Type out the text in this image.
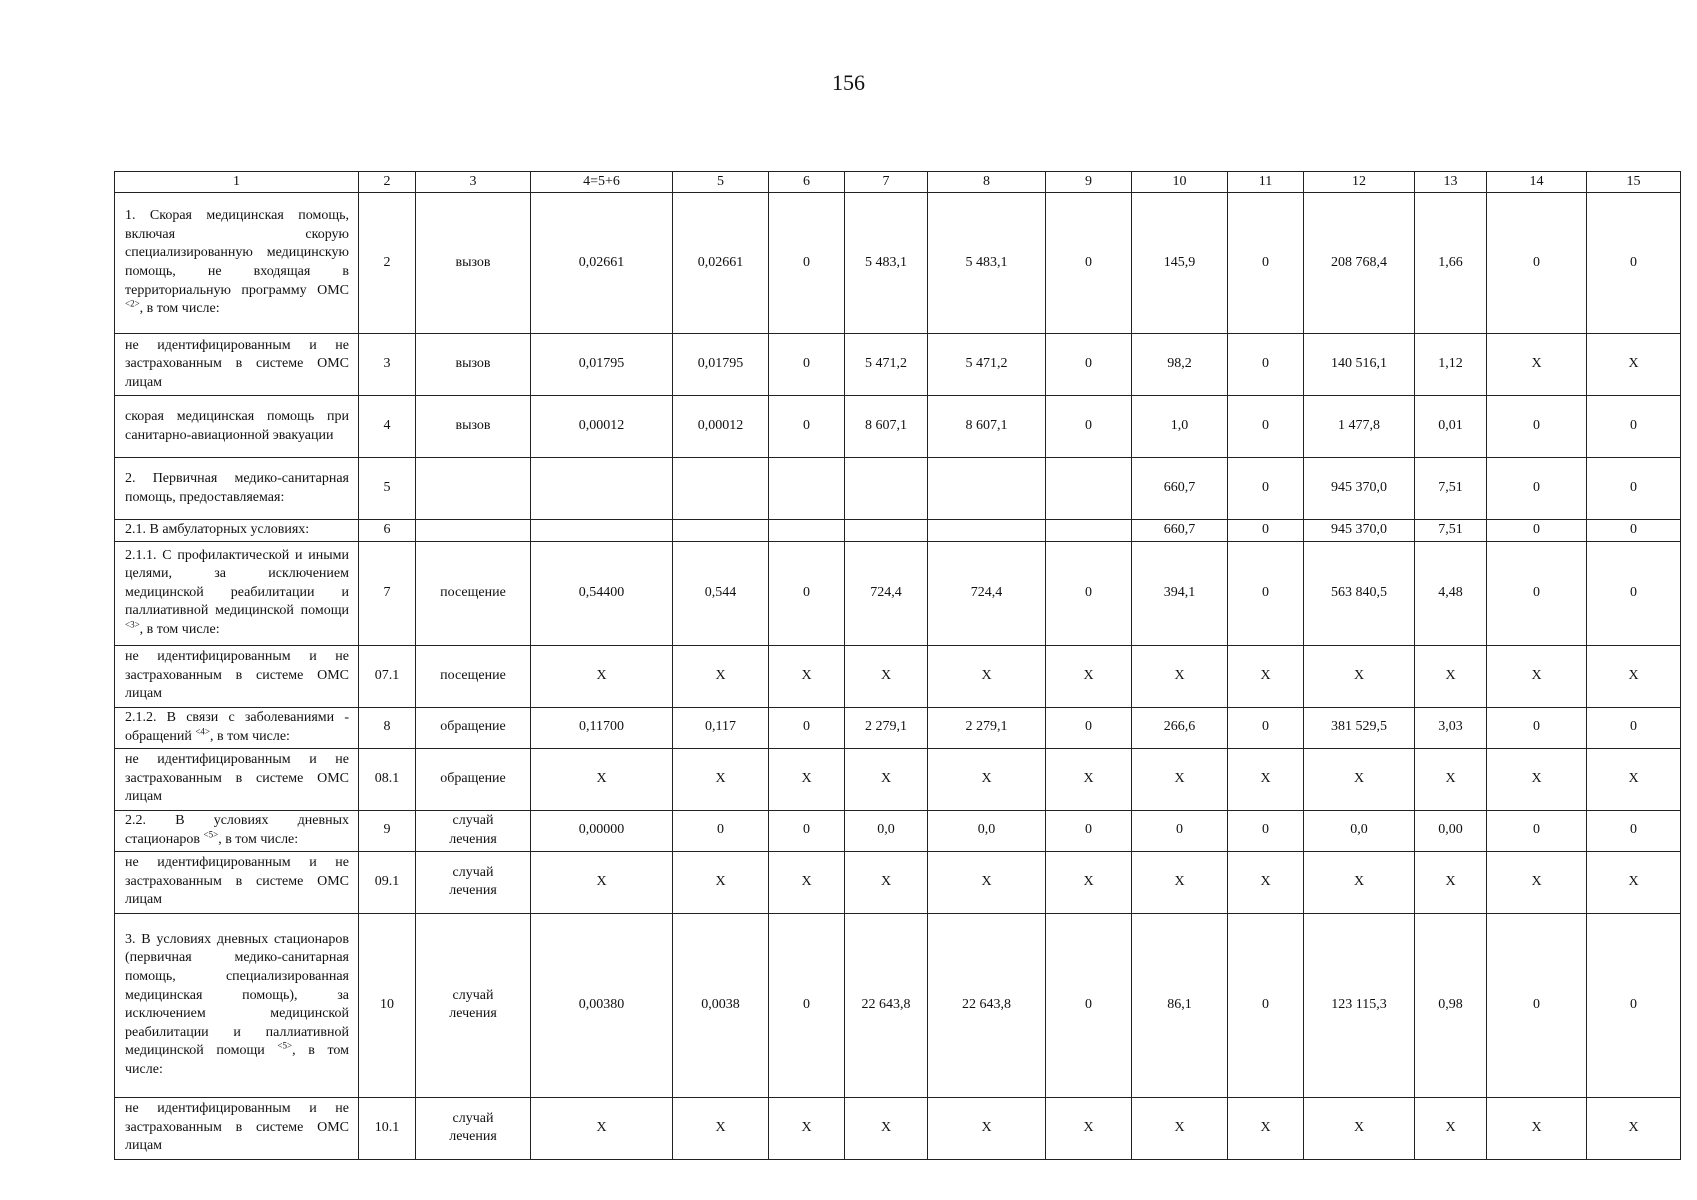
156
1	2	3	4=5+6	5	6	7	8	9	10	11	12	13	14	15
1. Скорая медицинская помощь, включая скорую специализированную медицинскую помощь, не входящая в территориальную программу ОМС $^{<2>}$, в том числе:	2	вызов	0,02661	0,02661	0	5 483,1	5 483,1	0	145,9	0	208 768,4	1,66	0	0
не идентифицированным и не застрахованным в системе ОМС лицам	3	вызов	0,01795	0,01795	0	5 471,2	5 471,2	0	98,2	0	140 516,1	1,12	X	X
скорая медицинская помощь при санитарно-авиационной эвакуации	4	вызов	0,00012	0,00012	0	8 607,1	8 607,1	0	1,0	0	1 477,8	0,01	0	0
2. Первичная медико-санитарная помощь, предоставляемая:	5								660,7	0	945 370,0	7,51	0	0
2.1. В амбулаторных условиях:	6								660,7	0	945 370,0	7,51	0	0
2.1.1. С профилактической и иными целями, за исключением медицинской реабилитации и паллиативной медицинской помощи $^{<3>}$, в том числе:	7	посещение	0,54400	0,544	0	724,4	724,4	0	394,1	0	563 840,5	4,48	0	0
не идентифицированным и не застрахованным в системе ОМС лицам	07.1	посещение	X	X	X	X	X	X	X	X	X	X	X	X
2.1.2. В связи с заболеваниями - обращений $^{<4>}$, в том числе:	8	обращение	0,11700	0,117	0	2 279,1	2 279,1	0	266,6	0	381 529,5	3,03	0	0
не идентифицированным и не застрахованным в системе ОМС лицам	08.1	обращение	X	X	X	X	X	X	X	X	X	X	X	X
2.2. В условиях дневных стационаров $^{<5>}$, в том числе:	9	случай лечения	0,00000	0	0	0,0	0,0	0	0	0	0,0	0,00	0	0
не идентифицированным и не застрахованным в системе ОМС лицам	09.1	случай лечения	X	X	X	X	X	X	X	X	X	X	X	X
3. В условиях дневных стационаров (первичная медико-санитарная помощь, специализированная медицинская помощь), за исключением медицинской реабилитации и паллиативной медицинской помощи $^{<5>}$, в том числе:	10	случай лечения	0,00380	0,0038	0	22 643,8	22 643,8	0	86,1	0	123 115,3	0,98	0	0
не идентифицированным и не застрахованным в системе ОМС лицам	10.1	случай лечения	X	X	X	X	X	X	X	X	X	X	X	X
